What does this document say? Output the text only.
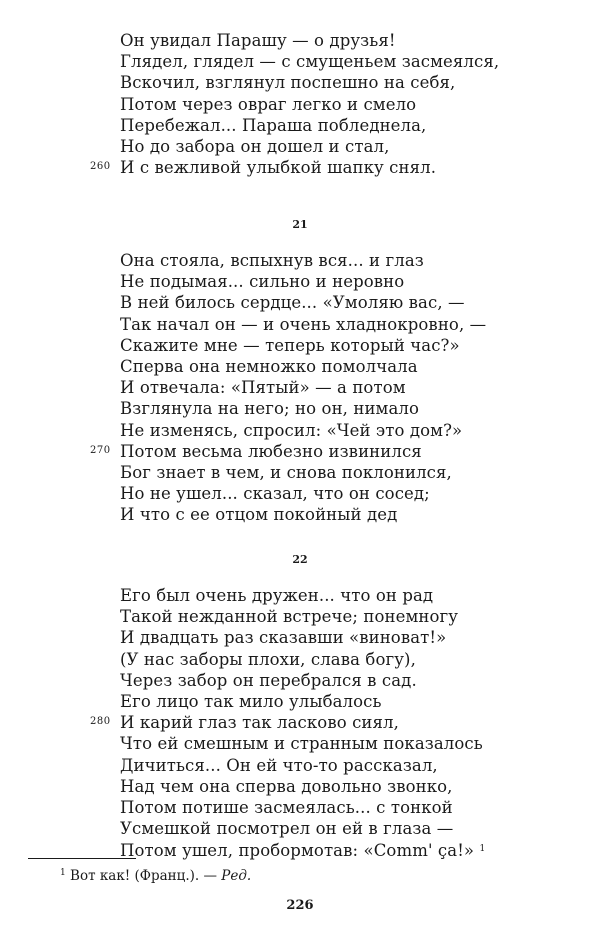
Он увидал Парашу — о друзья!
Глядел, глядел — с смущеньем засмеялся,
Вскочил, взглянул поспешно на себя,
Потом через овраг легко и смело
Перебежал... Параша побледнела,
Но до забора он дошел и стал,
260 И с вежливой улыбкой шапку снял.
21
Она стояла, вспыхнув вся... и глаз
Не подымая... сильно и неровно
В ней билось сердце... «Умоляю вас, —
Так начал он — и очень хладнокровно, —
Скажите мне — теперь который час?»
Сперва она немножко помолчала
И отвечала: «Пятый» — а потом
Взглянула на него; но он, нимало
Не изменясь, спросил: «Чей это дом?»
270 Потом весьма любезно извинился
Бог знает в чем, и снова поклонился,
Но не ушел... сказал, что он сосед;
И что с ее отцом покойный дед
22
Его был очень дружен... что он рад
Такой нежданной встрече; понемногу
И двадцать раз сказавши «виноват!»
(У нас заборы плохи, слава богу),
Через забор он перебрался в сад.
Его лицо так мило улыбалось
280 И карий глаз так ласково сиял,
Что ей смешным и странным показалось
Дичиться... Он ей что-то рассказал,
Над чем она сперва довольно звонко,
Потом потише засмеялась... с тонкой
Усмешкой посмотрел он ей в глаза —
Потом ушел, пробормотав: «Comm' ça!» $^1$
$^1$ Вот как! (Франц.). — Ред.
226
